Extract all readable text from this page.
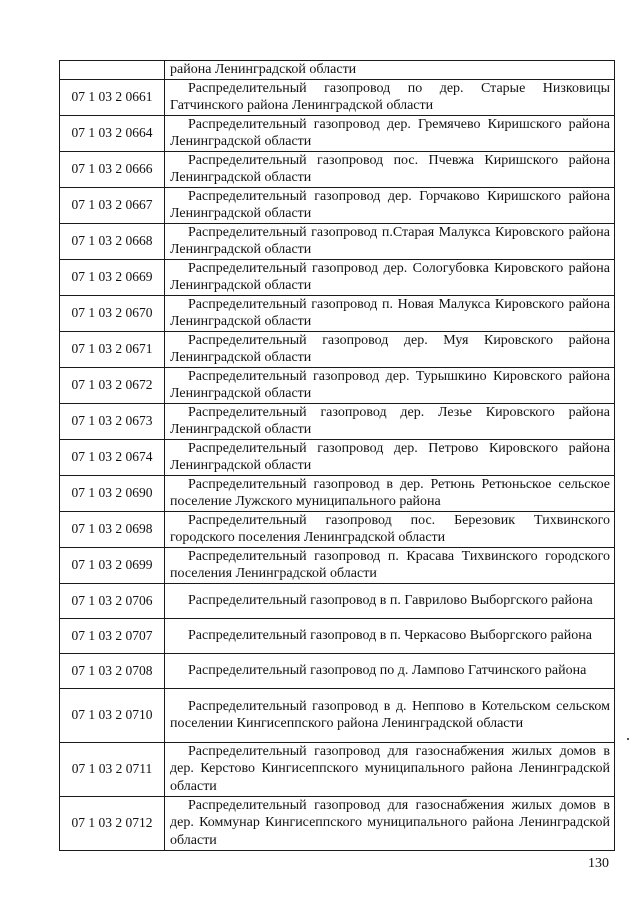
	района Ленинградской области

07 1 03 2 0661	Распределительный газопровод по дер. Старые Низковицы Гатчинского района Ленинградской области

07 1 03 2 0664	Распределительный газопровод дер. Гремячево Киришского района Ленинградской области

07 1 03 2 0666	Распределительный газопровод пос. Пчевжа Киришского района Ленинградской области

07 1 03 2 0667	Распределительный газопровод дер. Горчаково Киришского района Ленинградской области

07 1 03 2 0668	Распределительный газопровод п.Старая Малукса Кировского района Ленинградской области

07 1 03 2 0669	Распределительный газопровод дер. Сологубовка Кировского района Ленинградской области

07 1 03 2 0670	Распределительный газопровод п. Новая Малукса Кировского района Ленинградской области

07 1 03 2 0671	Распределительный газопровод дер. Муя Кировского района Ленинградской области

07 1 03 2 0672	Распределительный газопровод дер. Турышкино Кировского района Ленинградской области

07 1 03 2 0673	Распределительный газопровод дер. Лезье Кировского района Ленинградской области

07 1 03 2 0674	Распределительный газопровод дер. Петрово Кировского района Ленинградской области

07 1 03 2 0690	Распределительный газопровод в дер. Ретюнь Ретюньское сельское поселение Лужского муниципального района

07 1 03 2 0698	Распределительный газопровод пос. Березовик Тихвинского городского поселения Ленинградской области

07 1 03 2 0699	Распределительный газопровод п. Красава Тихвинского городского поселения Ленинградской области

07 1 03 2 0706	Распределительный газопровод в п. Гаврилово Выборгского района

07 1 03 2 0707	Распределительный газопровод в п. Черкасово Выборгского района

07 1 03 2 0708	Распределительный газопровод по д. Лампово Гатчинского района

07 1 03 2 0710	Распределительный газопровод в д. Неппово в Котельском сельском поселении Кингисеппского района Ленинградской области

07 1 03 2 0711	Распределительный газопровод для газоснабжения жилых домов в дер. Керстово Кингисеппского муниципального района Ленинградской области

07 1 03 2 0712	Распределительный газопровод для газоснабжения жилых домов в дер. Коммунар Кингисеппского муниципального района Ленинградской области
130
